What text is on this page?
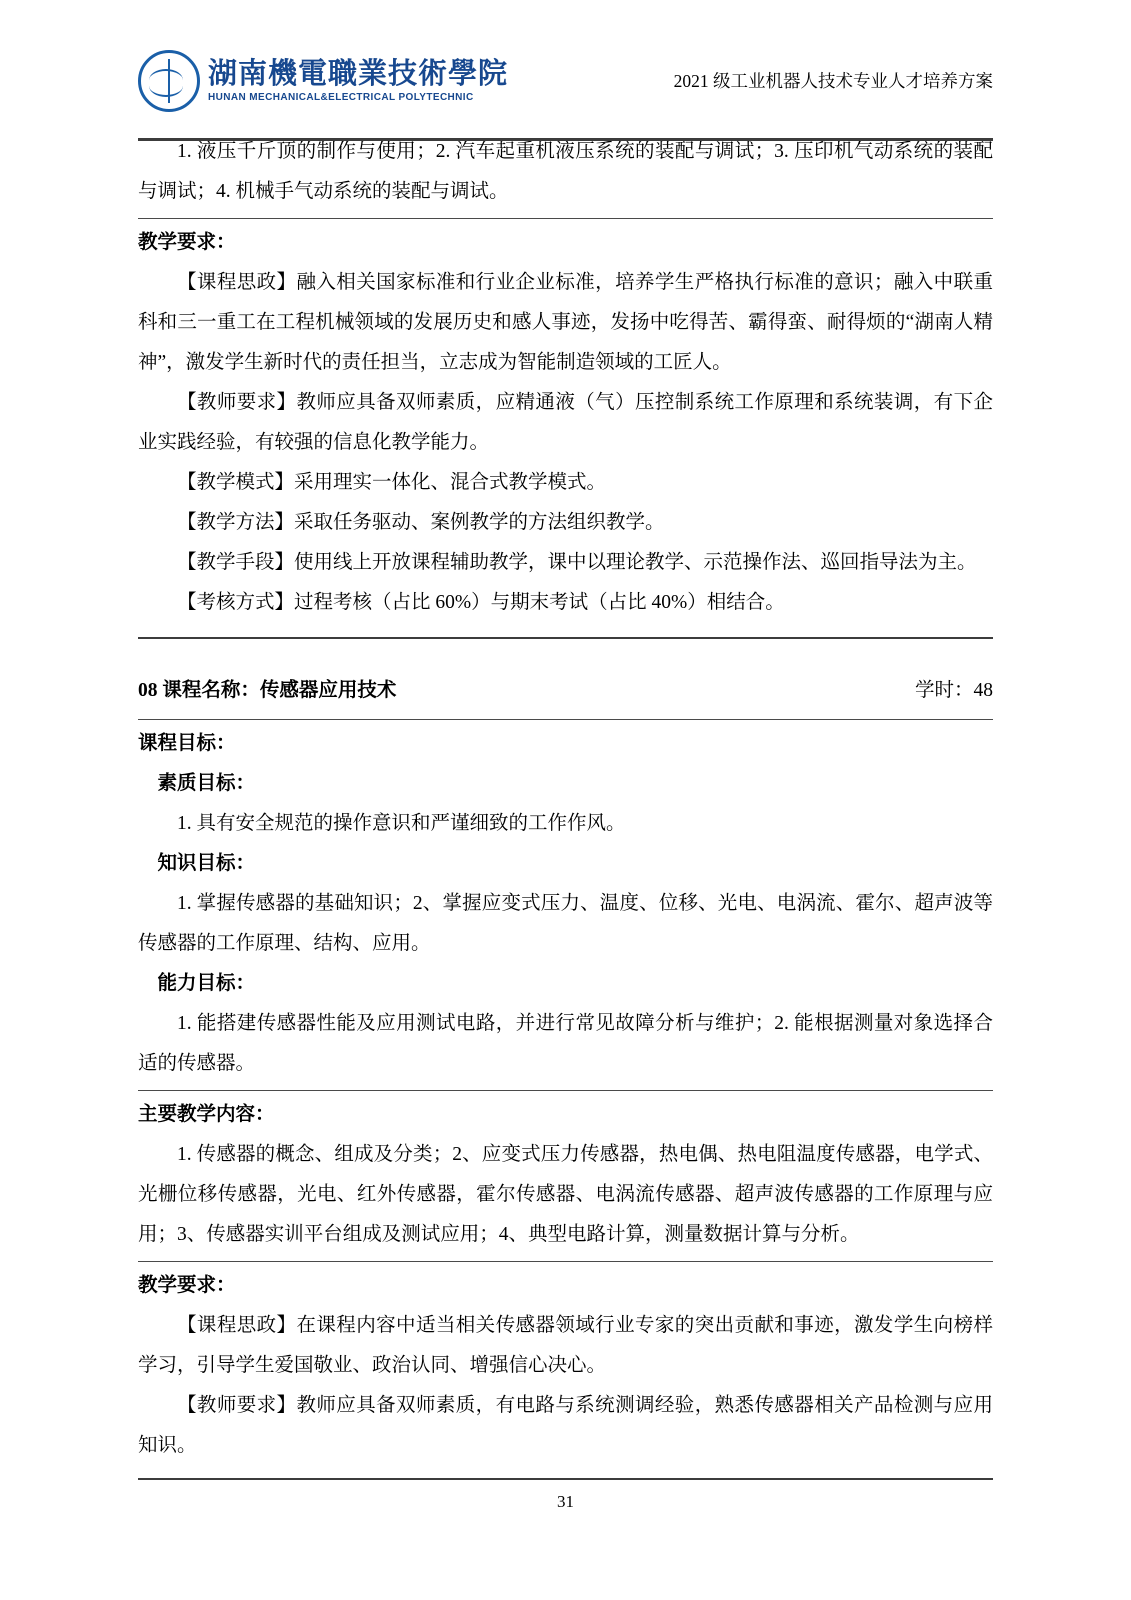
湖南機電職業技術學院
HUNAN MECHANICAL&ELECTRICAL POLYTECHNIC
2021 级工业机器人技术专业人才培养方案

1. 液压千斤顶的制作与使用；2. 汽车起重机液压系统的装配与调试；3. 压印机气动系统的装配与调试；4. 机械手气动系统的装配与调试。

教学要求：

【课程思政】融入相关国家标准和行业企业标准，培养学生严格执行标准的意识；融入中联重科和三一重工在工程机械领域的发展历史和感人事迹，发扬中吃得苦、霸得蛮、耐得烦的“湖南人精神”，激发学生新时代的责任担当，立志成为智能制造领域的工匠人。

【教师要求】教师应具备双师素质，应精通液（气）压控制系统工作原理和系统装调，有下企业实践经验，有较强的信息化教学能力。

【教学模式】采用理实一体化、混合式教学模式。

【教学方法】采取任务驱动、案例教学的方法组织教学。

【教学手段】使用线上开放课程辅助教学，课中以理论教学、示范操作法、巡回指导法为主。

【考核方式】过程考核（占比 60%）与期末考试（占比 40%）相结合。

08 课程名称：传感器应用技术	学时：48

课程目标：

素质目标：

1. 具有安全规范的操作意识和严谨细致的工作作风。

知识目标：

1. 掌握传感器的基础知识；2、掌握应变式压力、温度、位移、光电、电涡流、霍尔、超声波等传感器的工作原理、结构、应用。

能力目标：

1. 能搭建传感器性能及应用测试电路，并进行常见故障分析与维护；2. 能根据测量对象选择合适的传感器。

主要教学内容：

1. 传感器的概念、组成及分类；2、应变式压力传感器，热电偶、热电阻温度传感器，电学式、光栅位移传感器，光电、红外传感器，霍尔传感器、电涡流传感器、超声波传感器的工作原理与应用；3、传感器实训平台组成及测试应用；4、典型电路计算，测量数据计算与分析。

教学要求：

【课程思政】在课程内容中适当相关传感器领域行业专家的突出贡献和事迹，激发学生向榜样学习，引导学生爱国敬业、政治认同、增强信心决心。

【教师要求】教师应具备双师素质，有电路与系统测调经验，熟悉传感器相关产品检测与应用知识。

31
